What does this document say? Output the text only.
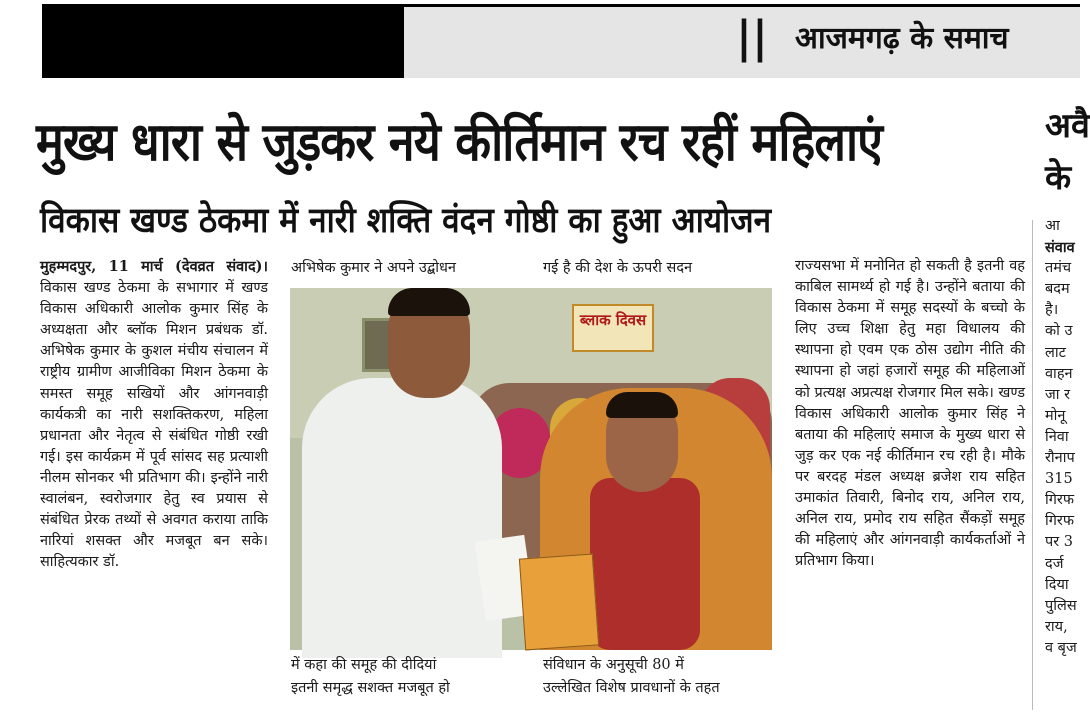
|| आजमगढ़ के समाच
मुख्य धारा से जुड़कर नये कीर्तिमान रच रहीं महिलाएं
विकास खण्ड ठेकमा में नारी शक्ति वंदन गोष्ठी का हुआ आयोजन
अवै
के

मुहम्मदपुर, 11 मार्च (देवव्रत संवाद)। विकास खण्ड ठेकमा के सभागार में खण्ड विकास अधिकारी आलोक कुमार सिंह के अध्यक्षता और ब्लॉक मिशन प्रबंधक डॉ. अभिषेक कुमार के कुशल मंचीय संचालन में राष्ट्रीय ग्रामीण आजीविका मिशन ठेकमा के समस्त समूह सखियों और आंगनवाड़ी कार्यकत्री का नारी सशक्तिकरण, महिला प्रधानता और नेतृत्व से संबंधित गोष्ठी रखी गई। इस कार्यक्रम में पूर्व सांसद सह प्रत्याशी नीलम सोनकर भी प्रतिभाग की। इन्होंने नारी स्वालंबन, स्वरोजगार हेतु स्व प्रयास से संबंधित प्रेरक तथ्यों से अवगत कराया ताकि नारियां शसक्त और मजबूत बन सके। साहित्यकार डॉ.

अभिषेक कुमार ने अपने उद्बोधन	गई है की देश के ऊपरी सदन
ब्लाक दिवस
में कहा की समूह की दीदियां
इतनी समृद्ध सशक्त मजबूत हो
संविधान के अनुसूची 80 में
उल्लेखित विशेष प्रावधानों के तहत

राज्यसभा में मनोनित हो सकती है इतनी वह काबिल सामर्थ्य हो गई है। उन्होंने बताया की विकास ठेकमा में समूह सदस्यों के बच्चो के लिए उच्च शिक्षा हेतु महा विधालय की स्थापना हो एवम एक ठोस उद्योग नीति की स्थापना हो जहां हजारों समूह की महिलाओं को प्रत्यक्ष अप्रत्यक्ष रोजगार मिल सके। खण्ड विकास अधिकारी आलोक कुमार सिंह ने बताया की महिलाएं समाज के मुख्य धारा से जुड़ कर एक नई कीर्तिमान रच रही है। मौके पर बरदह मंडल अध्यक्ष ब्रजेश राय सहित उमाकांत तिवारी, बिनोद राय, अनिल राय, अनिल राय, प्रमोद राय सहित सैंकड़ों समूह की महिलाएं और आंगनवाड़ी कार्यकर्ताओं ने प्रतिभाग किया।

आ
संवाव
तमंच
बदम
है।
को उ
लाट
वाहन
जा र
मोनू
निवा
रौनाप
315
गिरफ
गिरफ
पर 3
दर्ज
दिया
पुलिस
राय,
व बृज
